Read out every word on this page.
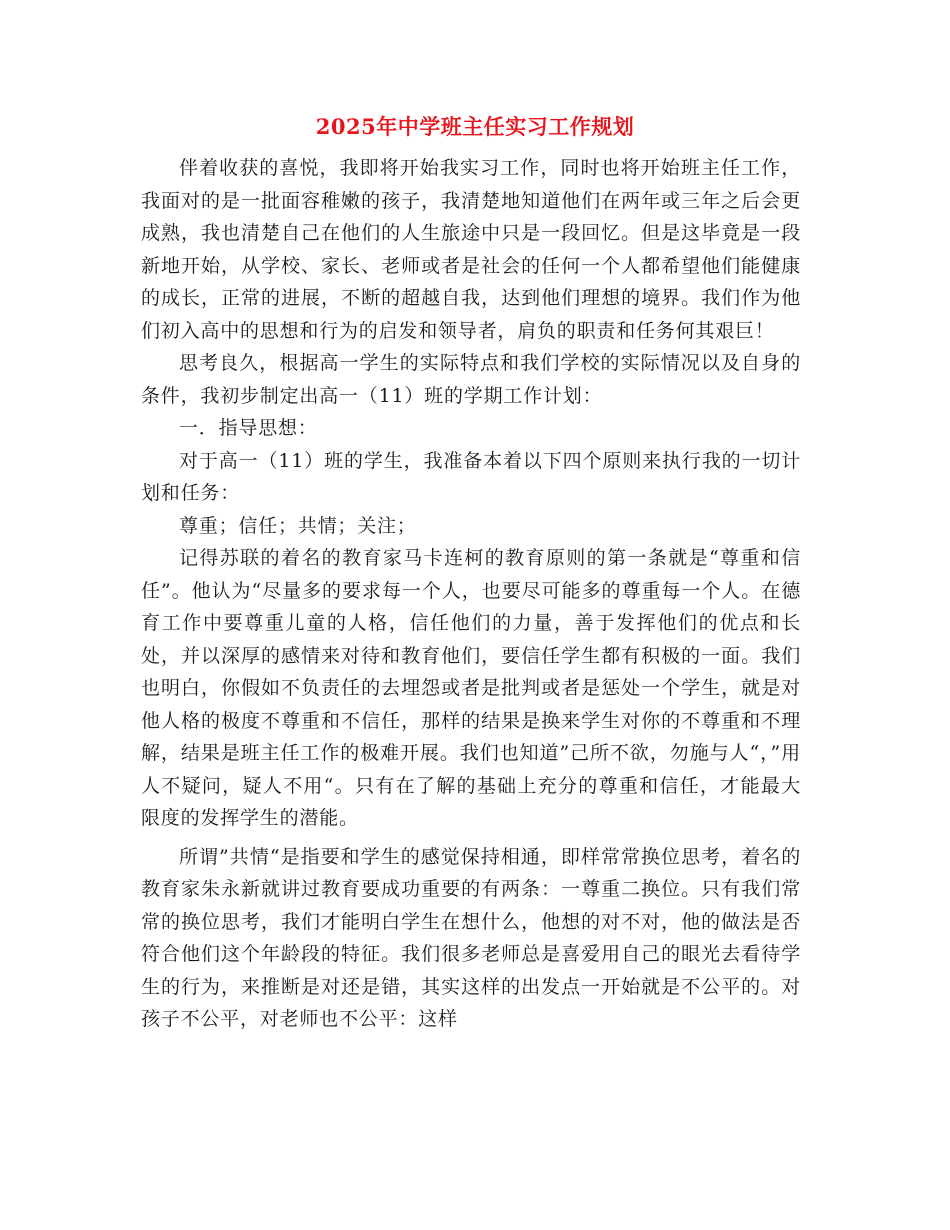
2025年中学班主任实习工作规划

伴着收获的喜悦，我即将开始我实习工作，同时也将开始班主任工作，我面对的是一批面容稚嫩的孩子，我清楚地知道他们在两年或三年之后会更成熟，我也清楚自己在他们的人生旅途中只是一段回忆。但是这毕竟是一段新地开始，从学校、家长、老师或者是社会的任何一个人都希望他们能健康的成长，正常的进展，不断的超越自我，达到他们理想的境界。我们作为他们初入高中的思想和行为的启发和领导者，肩负的职责和任务何其艰巨！

思考良久，根据高一学生的实际特点和我们学校的实际情况以及自身的条件，我初步制定出高一（11）班的学期工作计划：

一．指导思想：

对于高一（11）班的学生，我准备本着以下四个原则来执行我的一切计划和任务：

尊重；信任；共情；关注；

记得苏联的着名的教育家马卡连柯的教育原则的第一条就是“尊重和信任”。他认为“尽量多的要求每一个人，也要尽可能多的尊重每一个人。在德育工作中要尊重儿童的人格，信任他们的力量，善于发挥他们的优点和长处，并以深厚的感情来对待和教育他们，要信任学生都有积极的一面。我们也明白，你假如不负责任的去埋怨或者是批判或者是惩处一个学生，就是对他人格的极度不尊重和不信任，那样的结果是换来学生对你的不尊重和不理解，结果是班主任工作的极难开展。我们也知道”己所不欲，勿施与人“，”用人不疑问，疑人不用“。只有在了解的基础上充分的尊重和信任，才能最大限度的发挥学生的潜能。

所谓”共情“是指要和学生的感觉保持相通，即样常常换位思考，着名的教育家朱永新就讲过教育要成功重要的有两条：一尊重二换位。只有我们常常的换位思考，我们才能明白学生在想什么，他想的对不对，他的做法是否符合他们这个年龄段的特征。我们很多老师总是喜爱用自己的眼光去看待学生的行为，来推断是对还是错，其实这样的出发点一开始就是不公平的。对孩子不公平，对老师也不公平：这样
